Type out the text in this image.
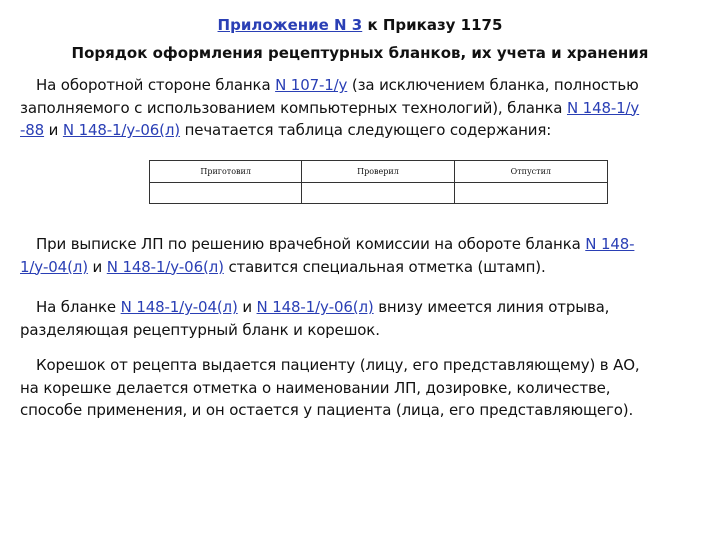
Приложение N 3 к Приказу 1175
Порядок оформления рецептурных бланков, их учета и хранения
На оборотной стороне бланка N 107-1/у (за исключением бланка, полностью
заполняемого с использованием компьютерных технологий), бланка N 148-1/у
-88 и N 148-1/у-06(л) печатается таблица следующего содержания:
Приготовил	Проверил	Отпустил
При выписке ЛП по решению врачебной комиссии на обороте бланка N 148-
1/у-04(л) и N 148-1/у-06(л) ставится специальная отметка (штамп).
На бланке N 148-1/у-04(л) и N 148-1/у-06(л) внизу имеется линия отрыва,
разделяющая рецептурный бланк и корешок.
Корешок от рецепта выдается пациенту (лицу, его представляющему) в АО,
на корешке делается отметка о наименовании ЛП, дозировке, количестве,
способе применения, и он остается у пациента (лица, его представляющего).
